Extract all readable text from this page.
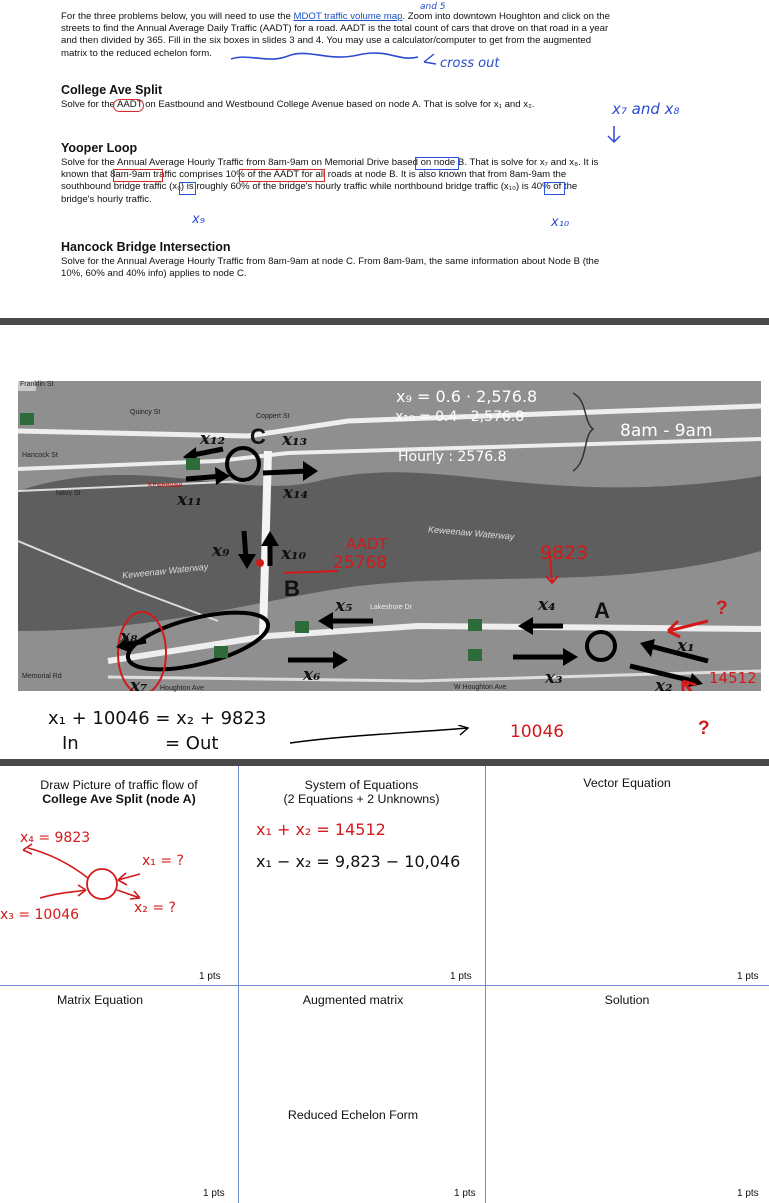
For the three problems below, you will need to use the MDOT traffic volume map. Zoom into downtown Houghton and click on the
streets to find the Annual Average Daily Traffic (AADT) for a road. AADT is the total count of cars that drove on that road in a year
and then divided by 365. Fill in the six boxes in slides 3 and 4. You may use a calculator/computer to get from the augmented
matrix to the reduced echelon form.
and 5
cross out
College Ave Split
Solve for the AADT on Eastbound and Westbound College Avenue based on node A. That is solve for x₁ and x₂.	x₇ and x₈
Yooper Loop
Solve for the Annual Average Hourly Traffic from 8am-9am on Memorial Drive based on node B. That is solve for x₇ and x₈. It is
known that 8am-9am traffic comprises 10% of the AADT for all roads at node B. It is also known that from 8am-9am the
southbound bridge traffic (x₉) is roughly 60% of the bridge's hourly traffic while northbound bridge traffic (x₁₀) is 40% of the
bridge's hourly traffic.
x₉	x₁₀
Hancock Bridge Intersection
Solve for the Annual Average Hourly Traffic from 8am-9am at node C. From 8am-9am, the same information about Node B (the
10%, 60% and 40% info) applies to node C.
Quincy St
Hancock St
Coppert St
Navy St
Keweenaw
Keweenaw Waterway
Keweenaw Waterway
Lakeshore Dr
Memorial Rd
Houghton Ave	W Houghton Ave
Franklin St
x₁₂ C x₁₃
x₁₁	x₁₄
x₉	x₁₀
B
x₅
x₈
x₇
x₆
x₄ A
x₃
x₁
x₂
x₉ = 0.6 · 2,576.8
x₁₀ = 0.4 · 2,576.8
Hourly : 2576.8
8am - 9am
AADT
25768	9823
14512
10046
?
?
x₁ + 10046 = x₂ + 9823
In	= Out
Draw Picture of traffic flow of
College Ave Split (node A)
x₄ = 9823
x₁ = ?
x₂ = ?
x₃ = 10046
1 pts
System of Equations
(2 Equations + 2 Unknowns)
x₁ + x₂ = 14512
x₁ − x₂ = 9,823 − 10,046
1 pts
Vector Equation
1 pts
Matrix Equation
1 pts
Augmented matrix
Reduced Echelon Form
1 pts
Solution
1 pts
